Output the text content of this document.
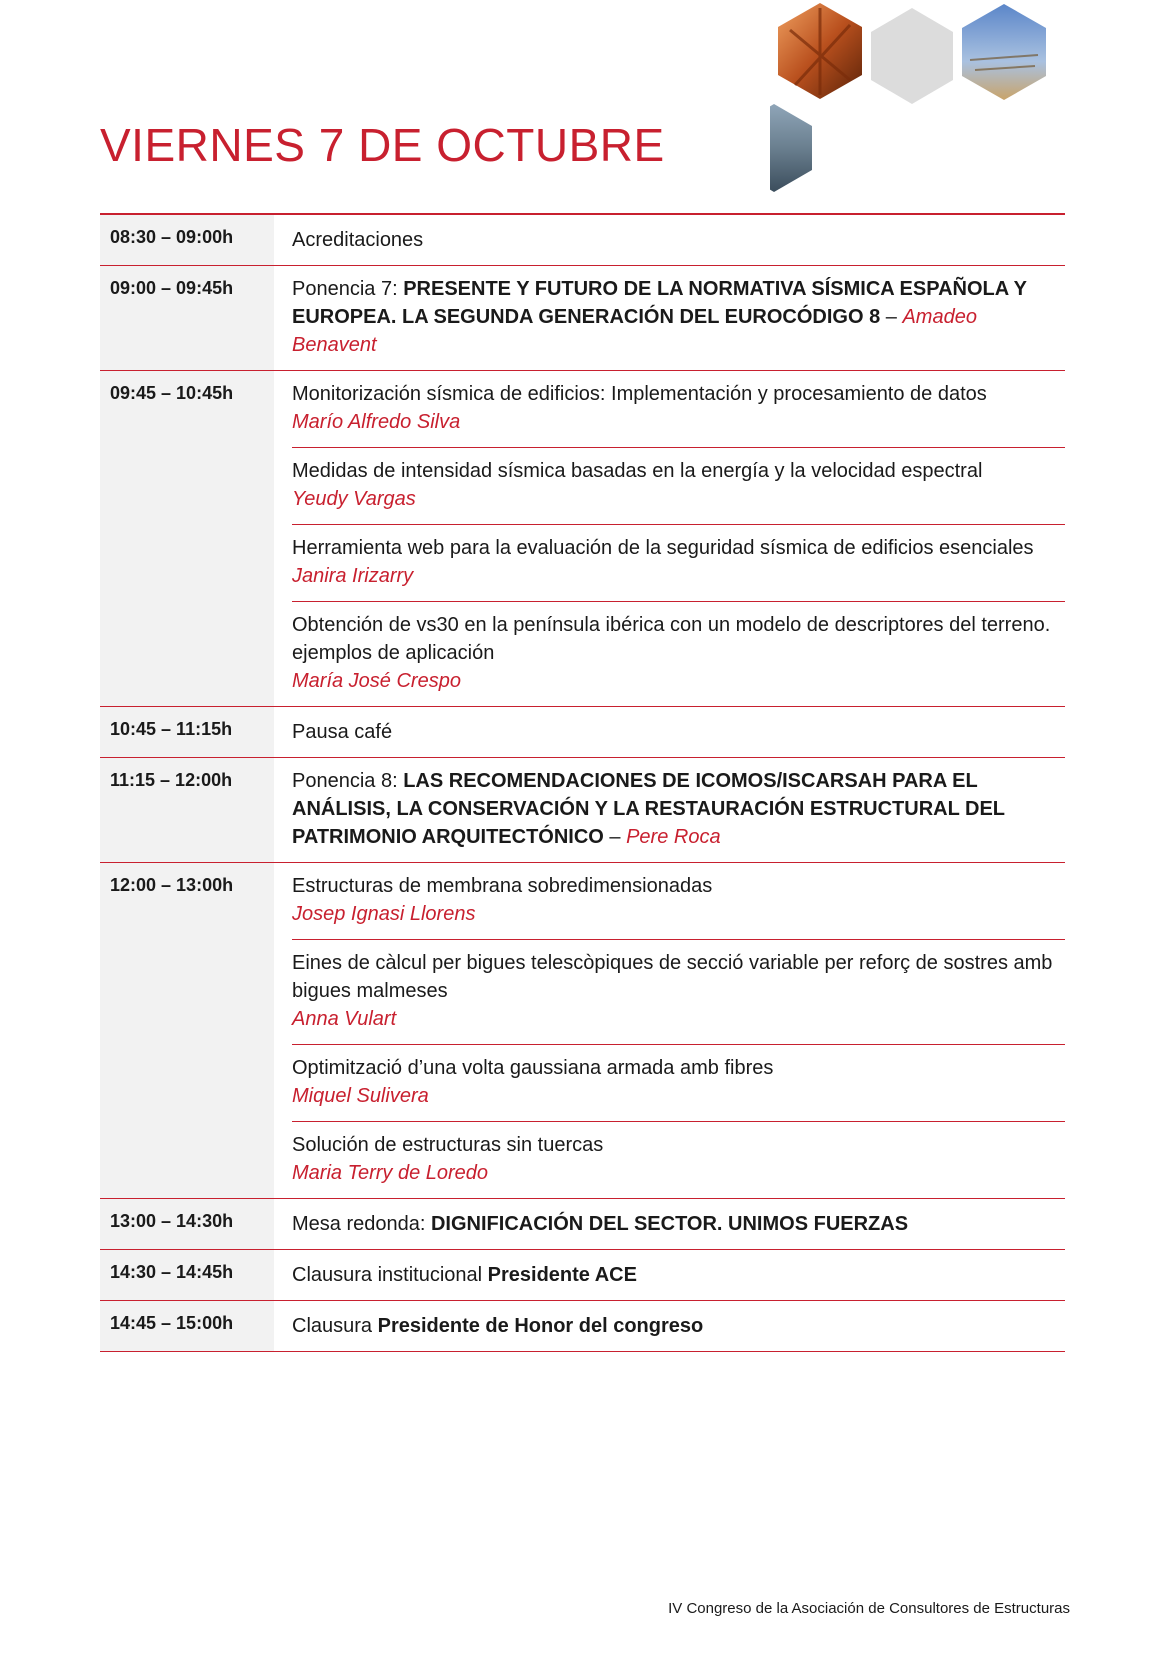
VIERNES 7 DE OCTUBRE
08:30 – 09:00h	Acreditaciones
09:00 – 09:45h	Ponencia 7: PRESENTE Y FUTURO DE LA NORMATIVA SÍSMICA ESPAÑOLA Y EUROPEA. LA SEGUNDA GENERACIÓN DEL EUROCÓDIGO 8 – Amadeo Benavent
09:45 – 10:45h	Monitorización sísmica de edificios: Implementación y procesamiento de datos
Marío Alfredo Silva
Medidas de intensidad sísmica basadas en la energía y la velocidad espectral
Yeudy Vargas
Herramienta web para la evaluación de la seguridad sísmica de edificios esenciales
Janira Irizarry
Obtención de vs30 en la península ibérica con un modelo de descriptores del terreno. ejemplos de aplicación
María José Crespo
10:45 – 11:15h	Pausa café
11:15 – 12:00h	Ponencia 8: LAS RECOMENDACIONES DE ICOMOS/ISCARSAH PARA EL ANÁLISIS, LA CONSERVACIÓN Y LA RESTAURACIÓN ESTRUCTURAL DEL PATRIMONIO ARQUITECTÓNICO – Pere Roca
12:00 – 13:00h	Estructuras de membrana sobredimensionadas
Josep Ignasi Llorens
Eines de càlcul per bigues telescòpiques de secció variable per reforç de sostres amb bigues malmeses
Anna Vulart
Optimització d’una volta gaussiana armada amb fibres
Miquel Sulivera
Solución de estructuras sin tuercas
Maria Terry de Loredo
13:00 – 14:30h	Mesa redonda: DIGNIFICACIÓN DEL SECTOR. UNIMOS FUERZAS
14:30 – 14:45h	Clausura institucional Presidente ACE
14:45 – 15:00h	Clausura Presidente de Honor del congreso
IV Congreso de la Asociación de Consultores de Estructuras
